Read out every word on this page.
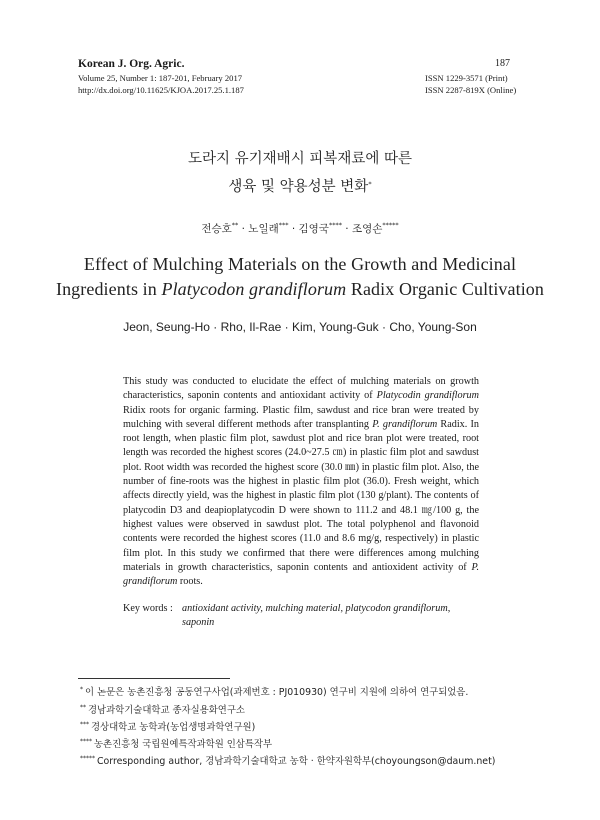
Korean J. Org. Agric.	187
Volume 25, Number 1: 187-201, February 2017
http://dx.doi.org/10.11625/KJOA.2017.25.1.187
ISSN 1229-3571 (Print)
ISSN 2287-819X (Online)
도라지 유기재배시 피복재료에 따른
생육 및 약용성분 변화*
전승호** · 노일래*** · 김영국**** · 조영손*****
Effect of Mulching Materials on the Growth and Medicinal
Ingredients in Platycodon grandiflorum Radix Organic Cultivation
Jeon, Seung-Ho · Rho, Il-Rae · Kim, Young-Guk · Cho, Young-Son
This study was conducted to elucidate the effect of mulching materials on growth characteristics, saponin contents and antioxidant activity of Platycodin grandiflorum Ridix roots for organic farming. Plastic film, sawdust and rice bran were treated by mulching with several different methods after transplanting P. grandiflorum Radix. In root length, when plastic film plot, sawdust plot and rice bran plot were treated, root length was recorded the highest scores (24.0~27.5 ㎝) in plastic film plot and sawdust plot. Root width was recorded the highest score (30.0 ㎜) in plastic film plot. Also, the number of fine-roots was the highest in plastic film plot (36.0). Fresh weight, which affects directly yield, was the highest in plastic film plot (130 g/plant). The contents of platycodin D3 and deapioplatycodin D were shown to 111.2 and 48.1 ㎎/100 g, the highest values were observed in sawdust plot. The total polyphenol and flavonoid contents were recorded the highest scores (11.0 and 8.6 mg/g, respectively) in plastic film plot. In this study we confirmed that there were differences among mulching materials in growth characteristics, saponin contents and antioxident activity of P. grandiflorum roots.
Key words : antioxidant activity, mulching material, platycodon grandiflorum, saponin
* 이 논문은 농촌진흥청 공동연구사업(과제번호 : PJ010930) 연구비 지원에 의하여 연구되었음.
** 경남과학기술대학교 종자실용화연구소
*** 경상대학교 농학과(농업생명과학연구원)
**** 농촌진흥청 국립원예특작과학원 인삼특작부
***** Corresponding author, 경남과학기술대학교 농학 · 한약자원학부(choyoungson@daum.net)
